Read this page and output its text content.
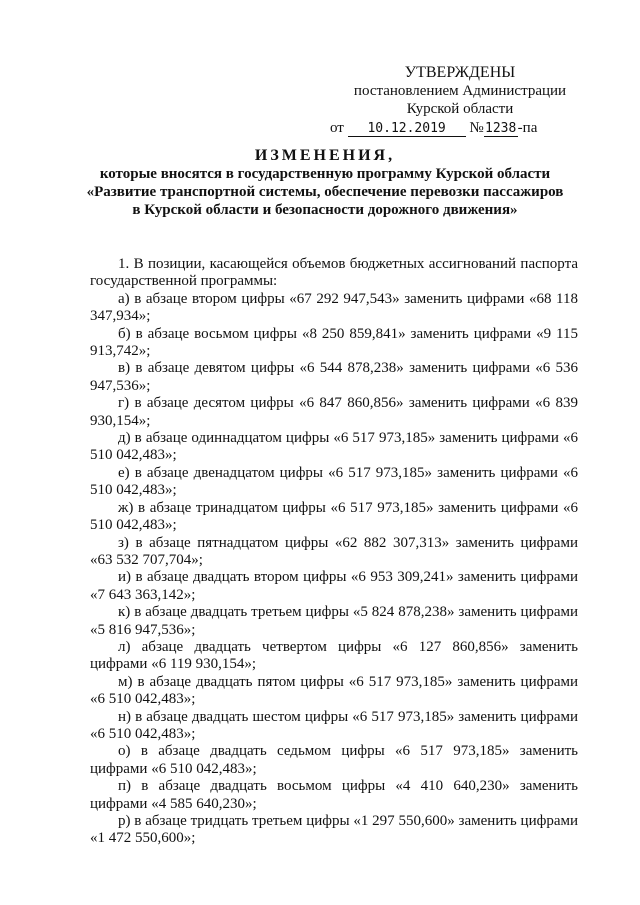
УТВЕРЖДЕНЫ
постановлением Администрации
Курской области
от 10.12.2019 №1238-па
ИЗМЕНЕНИЯ,
которые вносятся в государственную программу Курской области
«Развитие транспортной системы, обеспечение перевозки пассажиров
в Курской области и безопасности дорожного движения»

1. В позиции, касающейся объемов бюджетных ассигнований паспорта государственной программы:

а) в абзаце втором цифры «67 292 947,543» заменить цифрами «68 118 347,934»;

б) в абзаце восьмом цифры «8 250 859,841» заменить цифрами «9 115 913,742»;

в) в абзаце девятом цифры «6 544 878,238» заменить цифрами «6 536 947,536»;

г) в абзаце десятом цифры «6 847 860,856» заменить цифрами «6 839 930,154»;

д) в абзаце одиннадцатом цифры «6 517 973,185» заменить цифрами «6 510 042,483»;

е) в абзаце двенадцатом цифры «6 517 973,185» заменить цифрами «6 510 042,483»;

ж) в абзаце тринадцатом цифры «6 517 973,185» заменить цифрами «6 510 042,483»;

з) в абзаце пятнадцатом цифры «62 882 307,313» заменить цифрами «63 532 707,704»;

и) в абзаце двадцать втором цифры «6 953 309,241» заменить цифрами «7 643 363,142»;

к) в абзаце двадцать третьем цифры «5 824 878,238» заменить цифрами «5 816 947,536»;

л) абзаце двадцать четвертом цифры «6 127 860,856» заменить цифрами «6 119 930,154»;

м) в абзаце двадцать пятом цифры «6 517 973,185» заменить цифрами «6 510 042,483»;

н) в абзаце двадцать шестом цифры «6 517 973,185» заменить цифрами «6 510 042,483»;

о) в абзаце двадцать седьмом цифры «6 517 973,185» заменить цифрами «6 510 042,483»;

п) в абзаце двадцать восьмом цифры «4 410 640,230» заменить цифрами «4 585 640,230»;

р) в абзаце тридцать третьем цифры «1 297 550,600» заменить цифрами «1 472 550,600»;
